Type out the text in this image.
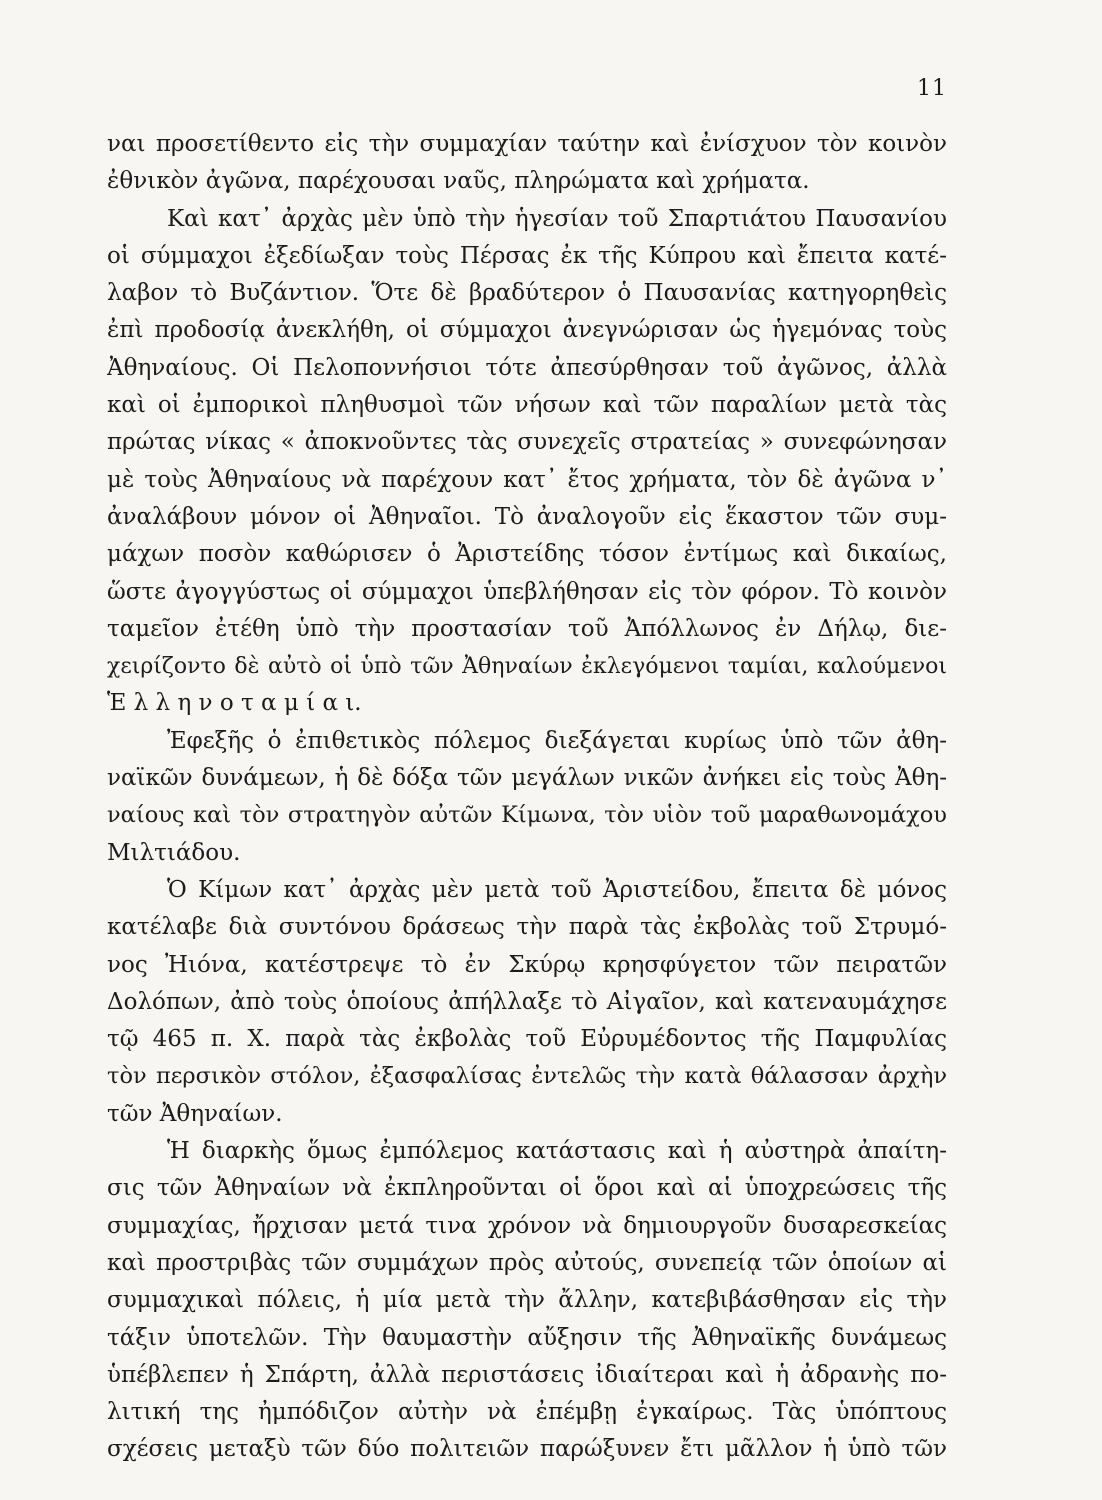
11
ναι προσετίθεντο εἰς τὴν συμμαχίαν ταύτην καὶ ἐνίσχυον τὸν κοινὸν
ἐθνικὸν ἀγῶνα, παρέχουσαι ναῦς, πληρώματα καὶ χρήματα.
Καὶ κατ᾽ ἀρχὰς μὲν ὑπὸ τὴν ἡγεσίαν τοῦ Σπαρτιάτου Παυσανίου
οἱ σύμμαχοι ἐξεδίωξαν τοὺς Πέρσας ἐκ τῆς Κύπρου καὶ ἔπειτα κατέ-
λαβον τὸ Βυζάντιον. Ὅτε δὲ βραδύτερον ὁ Παυσανίας κατηγορηθεὶς
ἐπὶ προδοσίᾳ ἀνεκλήθη, οἱ σύμμαχοι ἀνεγνώρισαν ὡς ἡγεμόνας τοὺς
Ἀθηναίους. Οἱ Πελοποννήσιοι τότε ἀπεσύρθησαν τοῦ ἀγῶνος, ἀλλὰ
καὶ οἱ ἐμπορικοὶ πληθυσμοὶ τῶν νήσων καὶ τῶν παραλίων μετὰ τὰς
πρώτας νίκας « ἀποκνοῦντες τὰς συνεχεῖς στρατείας » συνεφώνησαν
μὲ τοὺς Ἀθηναίους νὰ παρέχουν κατ᾽ ἔτος χρήματα, τὸν δὲ ἀγῶνα ν᾽
ἀναλάβουν μόνον οἱ Ἀθηναῖοι. Τὸ ἀναλογοῦν εἰς ἕκαστον τῶν συμ-
μάχων ποσὸν καθώρισεν ὁ Ἀριστείδης τόσον ἐντίμως καὶ δικαίως,
ὥστε ἀγογγύστως οἱ σύμμαχοι ὑπεβλήθησαν εἰς τὸν φόρον. Τὸ κοινὸν
ταμεῖον ἐτέθη ὑπὸ τὴν προστασίαν τοῦ Ἀπόλλωνος ἐν Δήλῳ, διε-
χειρίζοντο δὲ αὐτὸ οἱ ὑπὸ τῶν Ἀθηναίων ἐκλεγόμενοι ταμίαι, καλούμενοι
Ἑ λ λ η ν ο τ α μ ί α ι.
Ἐφεξῆς ὁ ἐπιθετικὸς πόλεμος διεξάγεται κυρίως ὑπὸ τῶν ἀθη-
ναϊκῶν δυνάμεων, ἡ δὲ δόξα τῶν μεγάλων νικῶν ἀνήκει εἰς τοὺς Ἀθη-
ναίους καὶ τὸν στρατηγὸν αὐτῶν Κίμωνα, τὸν υἱὸν τοῦ μαραθωνομάχου
Μιλτιάδου.
Ὁ Κίμων κατ᾽ ἀρχὰς μὲν μετὰ τοῦ Ἀριστείδου, ἔπειτα δὲ μόνος
κατέλαβε διὰ συντόνου δράσεως τὴν παρὰ τὰς ἐκβολὰς τοῦ Στρυμό-
νος Ἠιόνα, κατέστρεψε τὸ ἐν Σκύρῳ κρησφύγετον τῶν πειρατῶν
Δολόπων, ἀπὸ τοὺς ὁποίους ἀπήλλαξε τὸ Αἰγαῖον, καὶ κατεναυμάχησε
τῷ 465 π. Χ. παρὰ τὰς ἐκβολὰς τοῦ Εὐρυμέδοντος τῆς Παμφυλίας
τὸν περσικὸν στόλον, ἐξασφαλίσας ἐντελῶς τὴν κατὰ θάλασσαν ἀρχὴν
τῶν Ἀθηναίων.
Ἡ διαρκὴς ὅμως ἐμπόλεμος κατάστασις καὶ ἡ αὐστηρὰ ἀπαίτη-
σις τῶν Ἀθηναίων νὰ ἐκπληροῦνται οἱ ὅροι καὶ αἱ ὑποχρεώσεις τῆς
συμμαχίας, ἤρχισαν μετά τινα χρόνον νὰ δημιουργοῦν δυσαρεσκείας
καὶ προστριβὰς τῶν συμμάχων πρὸς αὐτούς, συνεπείᾳ τῶν ὁποίων αἱ
συμμαχικαὶ πόλεις, ἡ μία μετὰ τὴν ἄλλην, κατεβιβάσθησαν εἰς τὴν
τάξιν ὑποτελῶν. Τὴν θαυμαστὴν αὔξησιν τῆς Ἀθηναϊκῆς δυνάμεως
ὑπέβλεπεν ἡ Σπάρτη, ἀλλὰ περιστάσεις ἰδιαίτεραι καὶ ἡ ἀδρανὴς πο-
λιτική της ἠμπόδιζον αὐτὴν νὰ ἐπέμβῃ ἐγκαίρως. Τὰς ὑπόπτους
σχέσεις μεταξὺ τῶν δύο πολιτειῶν παρώξυνεν ἔτι μᾶλλον ἡ ὑπὸ τῶν
